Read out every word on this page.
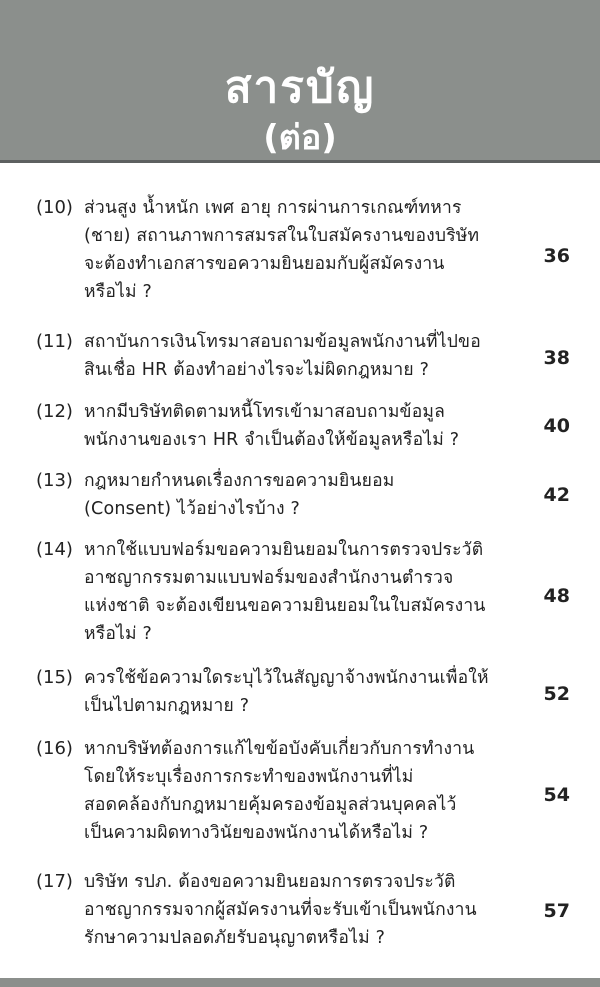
สารบัญ
(ต่อ)
(10) ส่วนสูง น้ำหนัก เพศ อายุ การผ่านการเกณฑ์ทหาร
(ชาย) สถานภาพการสมรสในใบสมัครงานของบริษัท
จะต้องทำเอกสารขอความยินยอมกับผู้สมัครงาน
หรือไม่ ?
36
(11) สถาบันการเงินโทรมาสอบถามข้อมูลพนักงานที่ไปขอ
สินเชื่อ HR ต้องทำอย่างไรจะไม่ผิดกฎหมาย ?
38
(12) หากมีบริษัทติดตามหนี้โทรเข้ามาสอบถามข้อมูล
พนักงานของเรา HR จำเป็นต้องให้ข้อมูลหรือไม่ ?
40
(13) กฎหมายกำหนดเรื่องการขอความยินยอม
(Consent) ไว้อย่างไรบ้าง ?
42
(14) หากใช้แบบฟอร์มขอความยินยอมในการตรวจประวัติ
อาชญากรรมตามแบบฟอร์มของสำนักงานตำรวจ
แห่งชาติ จะต้องเขียนขอความยินยอมในใบสมัครงาน
หรือไม่ ?
48
(15) ควรใช้ข้อความใดระบุไว้ในสัญญาจ้างพนักงานเพื่อให้
เป็นไปตามกฎหมาย ?
52
(16) หากบริษัทต้องการแก้ไขข้อบังคับเกี่ยวกับการทำงาน
โดยให้ระบุเรื่องการกระทำของพนักงานที่ไม่
สอดคล้องกับกฎหมายคุ้มครองข้อมูลส่วนบุคคลไว้
เป็นความผิดทางวินัยของพนักงานได้หรือไม่ ?
54
(17) บริษัท รปภ. ต้องขอความยินยอมการตรวจประวัติ
อาชญากรรมจากผู้สมัครงานที่จะรับเข้าเป็นพนักงาน
รักษาความปลอดภัยรับอนุญาตหรือไม่ ?
57
